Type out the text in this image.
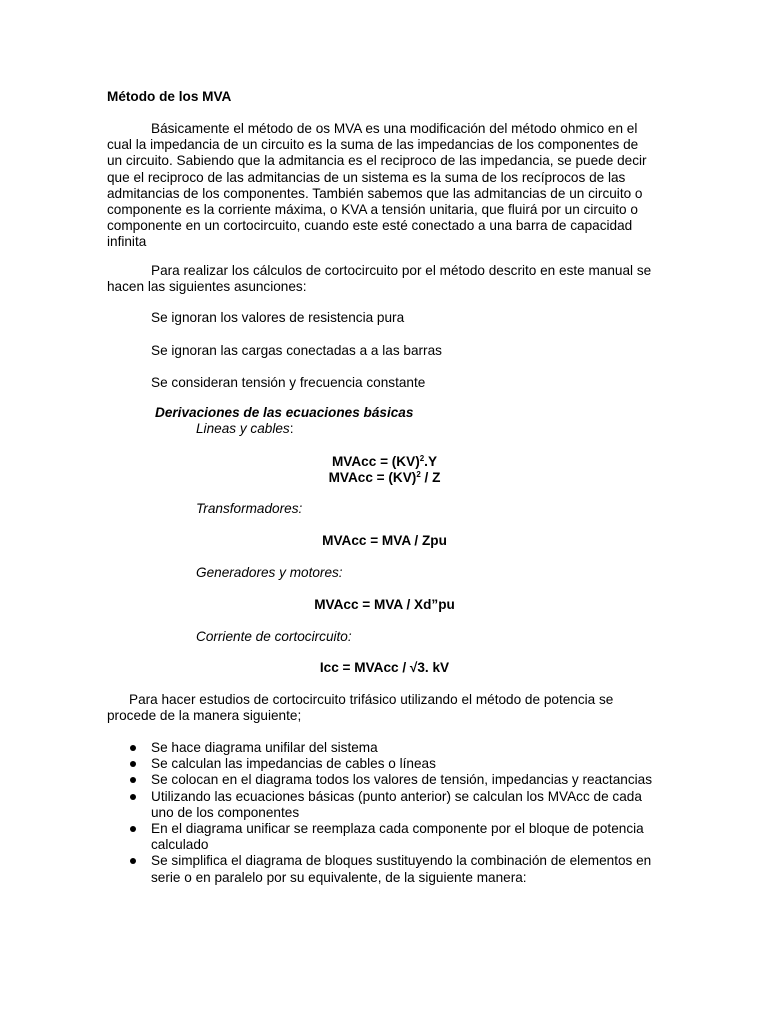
Método de los MVA

Básicamente el método de os MVA es una modificación del método ohmico en el cual la impedancia de un circuito es la suma de las impedancias de los componentes de un circuito. Sabiendo que la admitancia es el reciproco de las impedancia, se puede decir que el reciproco de las admitancias de un sistema es la suma de los recíprocos de las admitancias de los componentes. También sabemos que las admitancias de un circuito o componente es la corriente máxima, o KVA a tensión unitaria, que fluirá por un circuito o componente en un cortocircuito, cuando este esté conectado a una barra de capacidad infinita

Para realizar los cálculos de cortocircuito por el método descrito en este manual se hacen las siguientes asunciones:

Se ignoran los valores de resistencia pura
Se ignoran las cargas conectadas a a las barras
Se consideran tensión y frecuencia constante
Derivaciones de las ecuaciones básicas
Lineas y cables:
MVAcc = (KV)$^2$.Y
MVAcc = (KV)$^2$ / Z
Transformadores:
MVAcc = MVA / Zpu
Generadores y motores:
MVAcc = MVA / Xd”pu
Corriente de cortocircuito:
Icc = MVAcc / √3. kV

Para hacer estudios de cortocircuito trifásico utilizando el método de potencia se procede de la manera siguiente;

Se hace diagrama unifilar del sistema
Se calculan las impedancias de cables o líneas
Se colocan en el diagrama todos los valores de tensión, impedancias y reactancias
Utilizando las ecuaciones básicas (punto anterior) se calculan los MVAcc de cada uno de los componentes
En el diagrama unificar se reemplaza cada componente por el bloque de potencia calculado
Se simplifica el diagrama de bloques sustituyendo la combinación de elementos en serie o en paralelo por su equivalente, de la siguiente manera:
